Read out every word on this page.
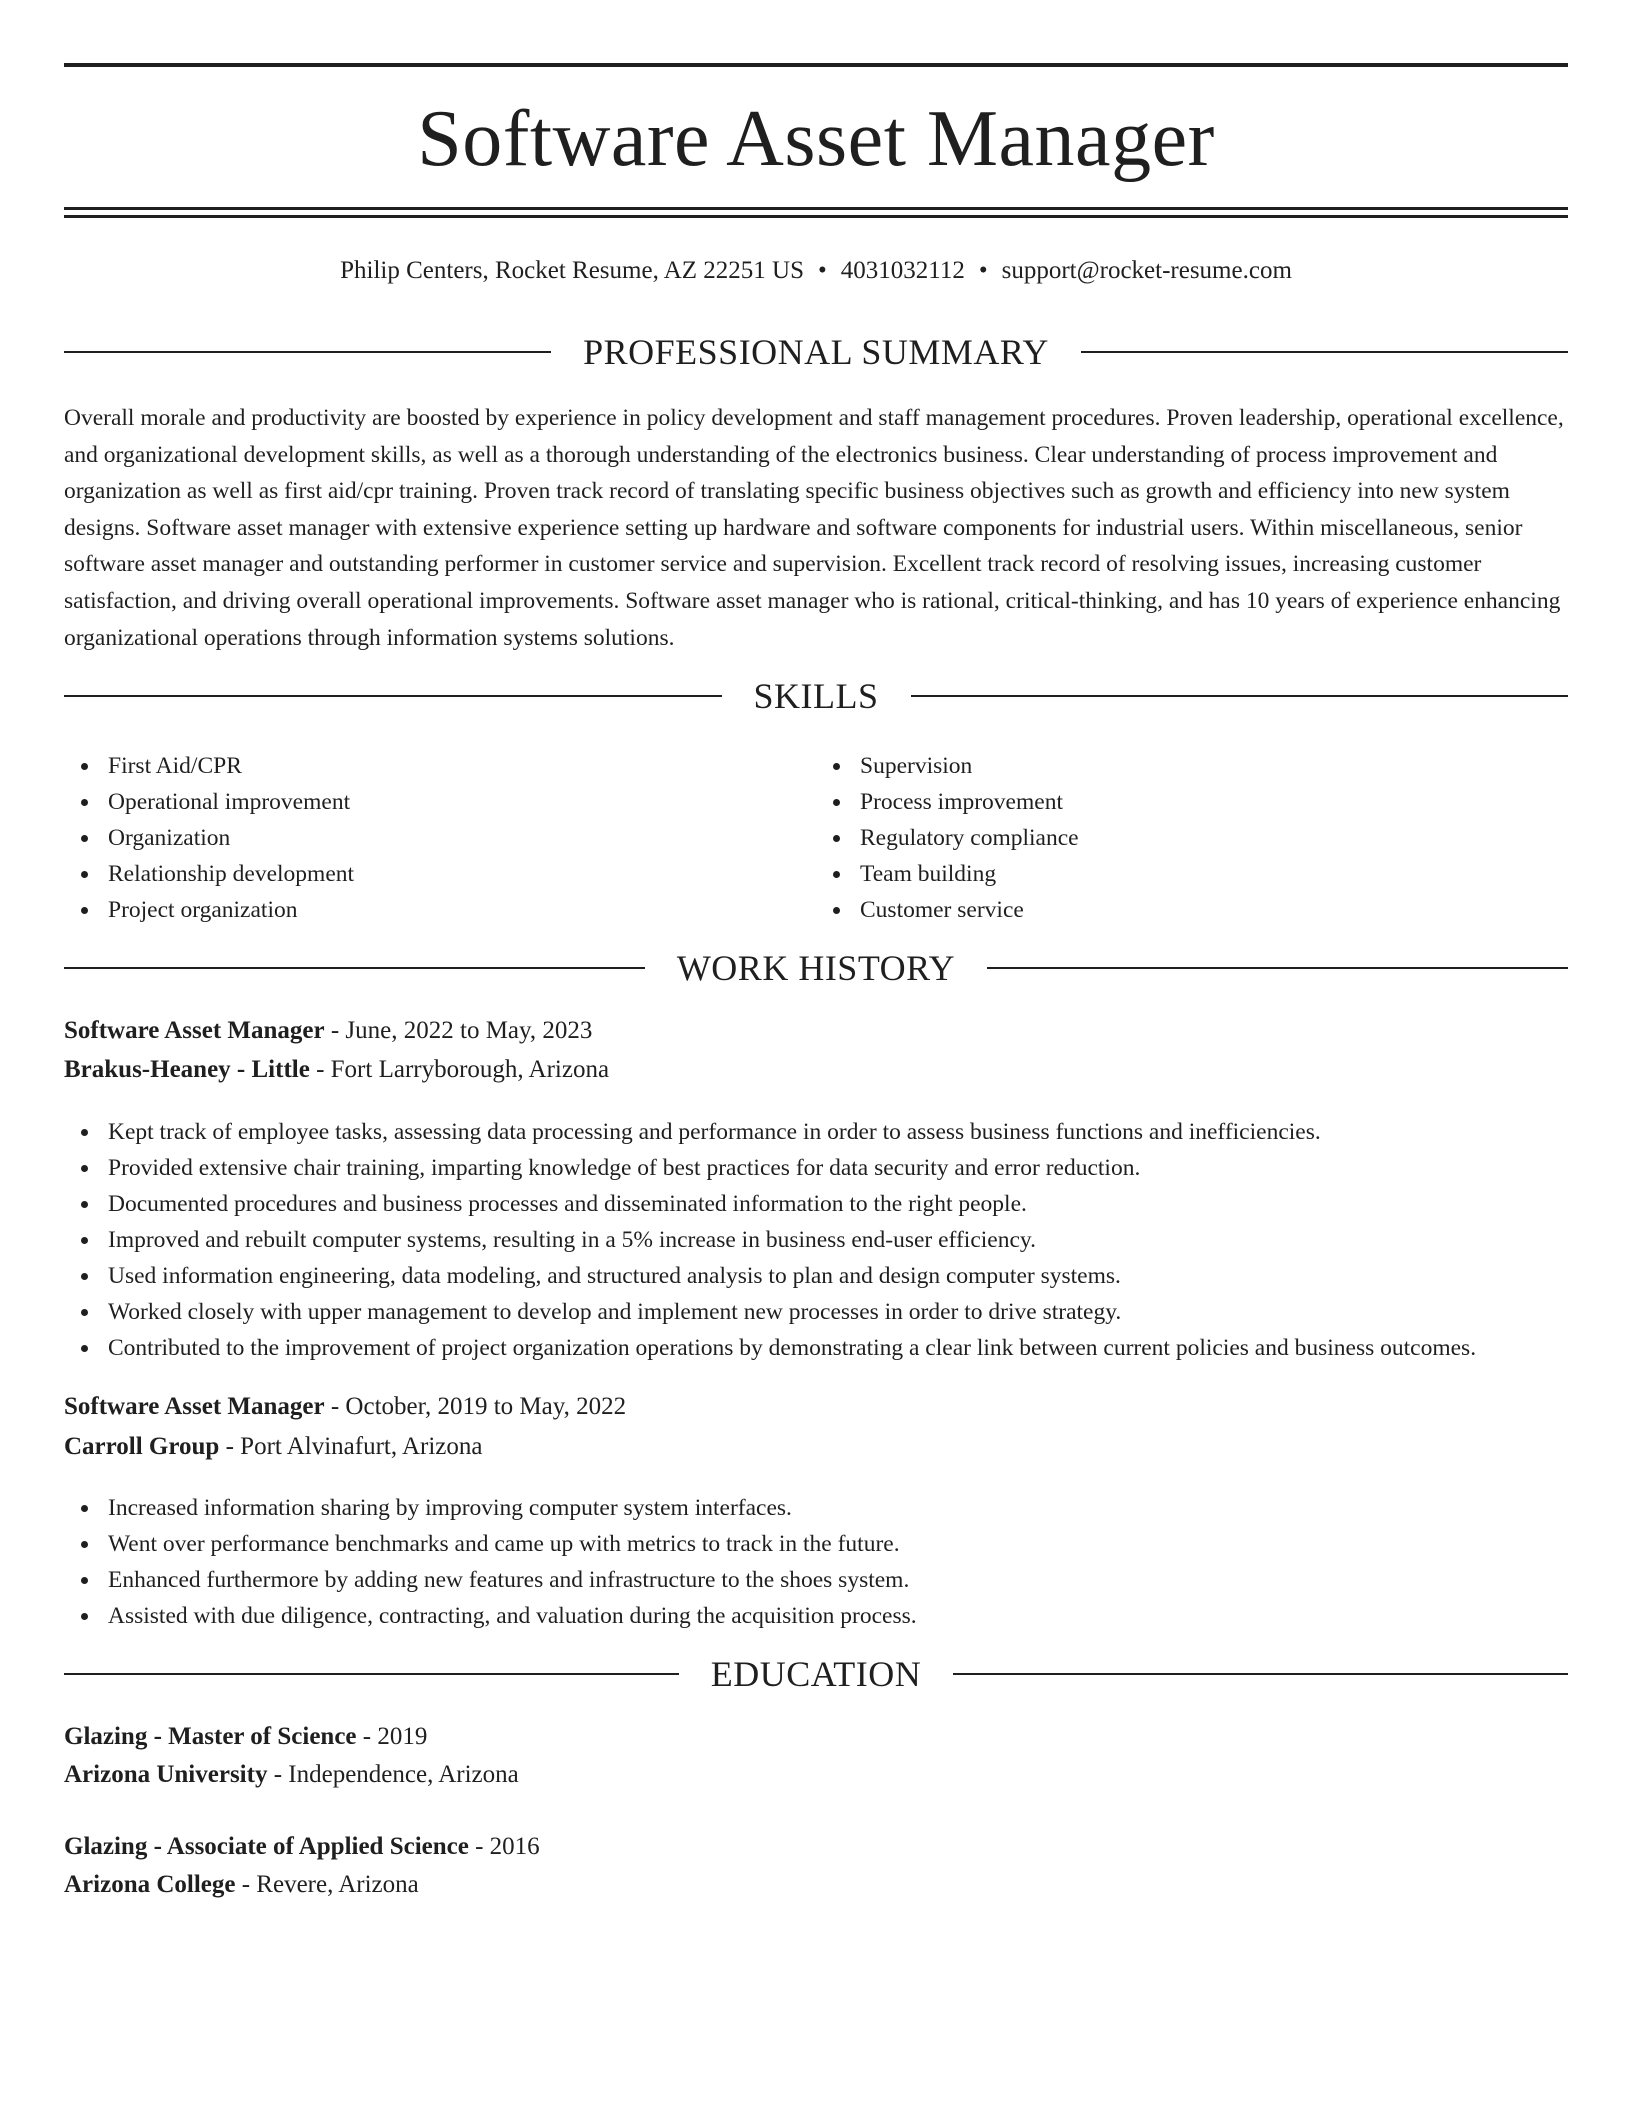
Software Asset Manager
Philip Centers, Rocket Resume, AZ 22251 US • 4031032112 • support@rocket-resume.com
PROFESSIONAL SUMMARY

Overall morale and productivity are boosted by experience in policy development and staff management procedures. Proven leadership, operational excellence, and organizational development skills, as well as a thorough understanding of the electronics business. Clear understanding of process improvement and organization as well as first aid/cpr training. Proven track record of translating specific business objectives such as growth and efficiency into new system designs. Software asset manager with extensive experience setting up hardware and software components for industrial users. Within miscellaneous, senior software asset manager and outstanding performer in customer service and supervision. Excellent track record of resolving issues, increasing customer satisfaction, and driving overall operational improvements. Software asset manager who is rational, critical-thinking, and has 10 years of experience enhancing organizational operations through information systems solutions.

SKILLS
First Aid/CPR
Operational improvement
Organization
Relationship development
Project organization
Supervision
Process improvement
Regulatory compliance
Team building
Customer service
WORK HISTORY
Software Asset Manager - June, 2022 to May, 2023
Brakus-Heaney - Little - Fort Larryborough, Arizona
Kept track of employee tasks, assessing data processing and performance in order to assess business functions and inefficiencies.
Provided extensive chair training, imparting knowledge of best practices for data security and error reduction.
Documented procedures and business processes and disseminated information to the right people.
Improved and rebuilt computer systems, resulting in a 5% increase in business end-user efficiency.
Used information engineering, data modeling, and structured analysis to plan and design computer systems.
Worked closely with upper management to develop and implement new processes in order to drive strategy.
Contributed to the improvement of project organization operations by demonstrating a clear link between current policies and business outcomes.
Software Asset Manager - October, 2019 to May, 2022
Carroll Group - Port Alvinafurt, Arizona
Increased information sharing by improving computer system interfaces.
Went over performance benchmarks and came up with metrics to track in the future.
Enhanced furthermore by adding new features and infrastructure to the shoes system.
Assisted with due diligence, contracting, and valuation during the acquisition process.
EDUCATION
Glazing - Master of Science - 2019
Arizona University - Independence, Arizona
Glazing - Associate of Applied Science - 2016
Arizona College - Revere, Arizona
